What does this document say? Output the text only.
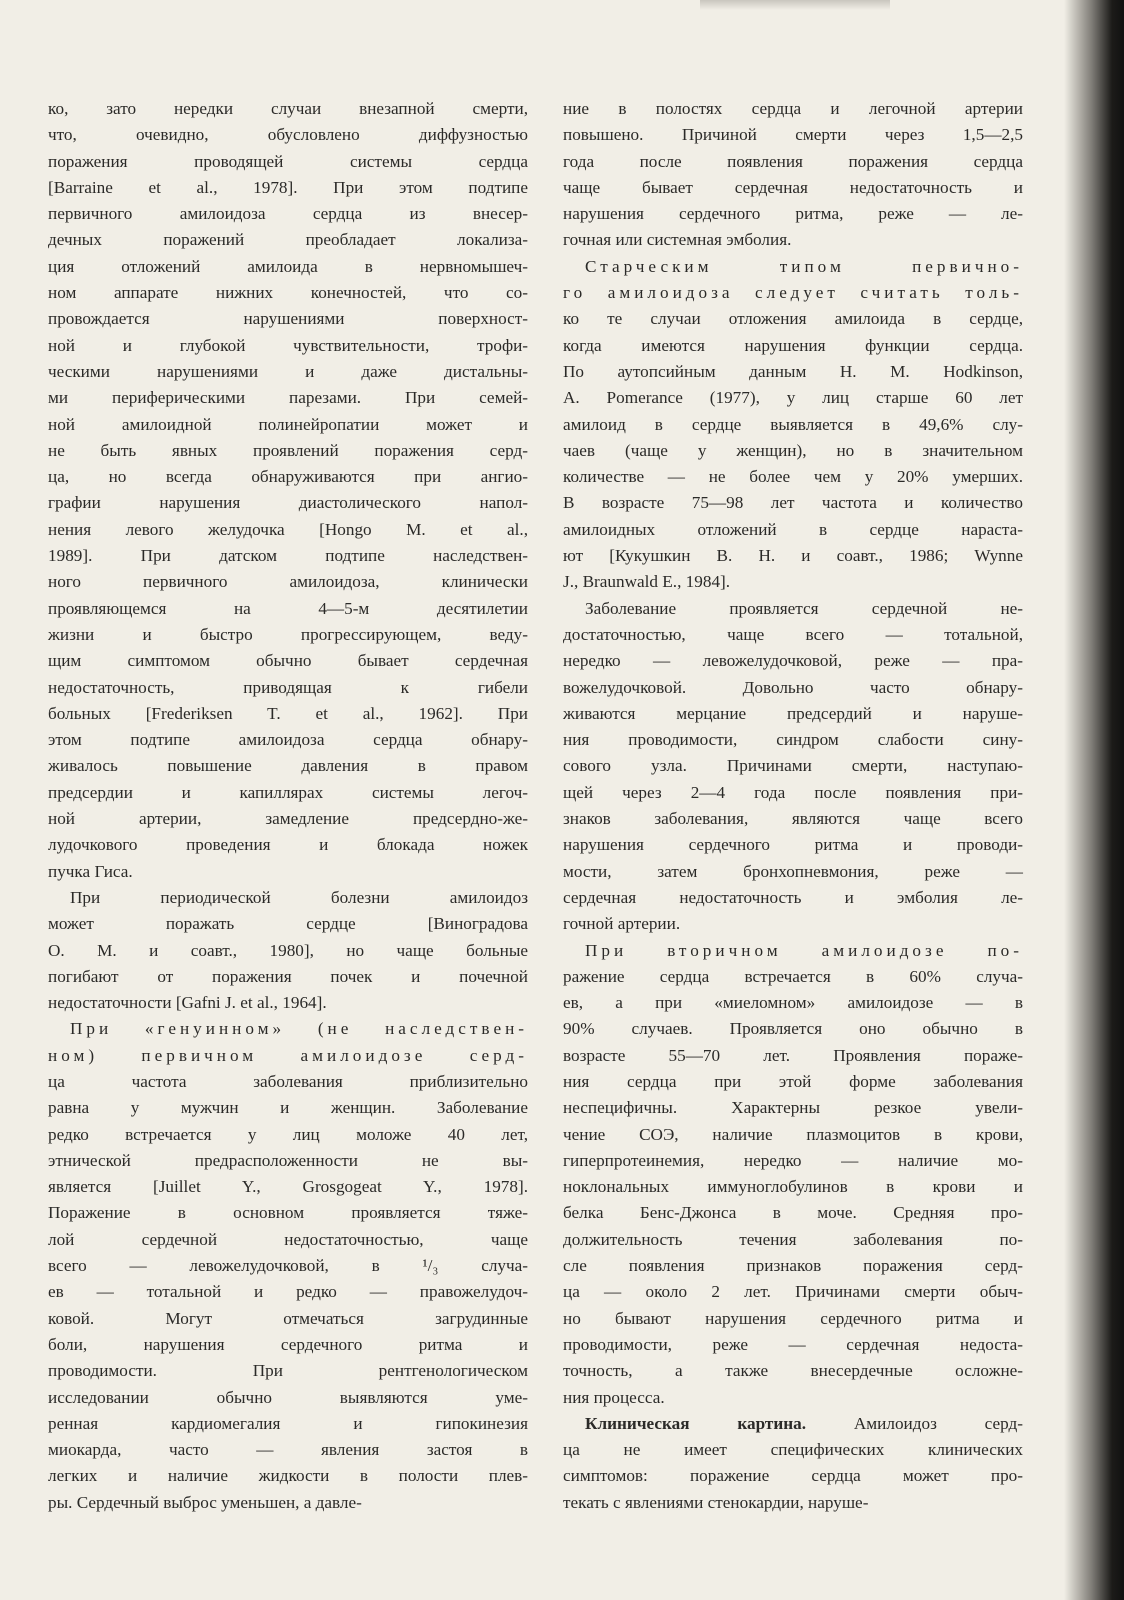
ко, зато нередки случаи внезапной смерти,
что, очевидно, обусловлено диффузностью
поражения проводящей системы сердца
[Barraine et al., 1978]. При этом подтипе
первичного амилоидоза сердца из внесер-
дечных поражений преобладает локализа-
ция отложений амилоида в нервномышеч-
ном аппарате нижних конечностей, что со-
провождается нарушениями поверхност-
ной и глубокой чувствительности, трофи-
ческими нарушениями и даже дистальны-
ми периферическими парезами. При семей-
ной амилоидной полинейропатии может и
не быть явных проявлений поражения серд-
ца, но всегда обнаруживаются при ангио-
графии нарушения диастолического напол-
нения левого желудочка [Hongo M. et al.,
1989]. При датском подтипе наследствен-
ного первичного амилоидоза, клинически
проявляющемся на 4—5-м десятилетии
жизни и быстро прогрессирующем, веду-
щим симптомом обычно бывает сердечная
недостаточность, приводящая к гибели
больных [Frederiksen T. et al., 1962]. При
этом подтипе амилоидоза сердца обнару-
живалось повышение давления в правом
предсердии и капиллярах системы легоч-
ной артерии, замедление предсердно-же-
лудочкового проведения и блокада ножек
пучка Гиса.
При периодической болезни амилоидоз
может поражать сердце [Виноградова
О. М. и соавт., 1980], но чаще больные
погибают от поражения почек и почечной
недостаточности [Gafni J. et al., 1964].
При «генуинном» (не наследствен-
ном) первичном амилоидозе серд-
ца частота заболевания приблизительно
равна у мужчин и женщин. Заболевание
редко встречается у лиц моложе 40 лет,
этнической предрасположенности не вы-
является [Juillet Y., Grosgogeat Y., 1978].
Поражение в основном проявляется тяже-
лой сердечной недостаточностью, чаще
всего — левожелудочковой, в ¹/₃ случа-
ев — тотальной и редко — правожелудоч-
ковой. Могут отмечаться загрудинные
боли, нарушения сердечного ритма и
проводимости. При рентгенологическом
исследовании обычно выявляются уме-
ренная кардиомегалия и гипокинезия
миокарда, часто — явления застоя в
легких и наличие жидкости в полости плев-
ры. Сердечный выброс уменьшен, а давле-
ние в полостях сердца и легочной артерии
повышено. Причиной смерти через 1,5—2,5
года после появления поражения сердца
чаще бывает сердечная недостаточность и
нарушения сердечного ритма, реже — ле-
гочная или системная эмболия.
Старческим типом первично-
го амилоидоза следует считать толь-
ко те случаи отложения амилоида в сердце,
когда имеются нарушения функции сердца.
По аутопсийным данным H. M. Hodkinson,
A. Pomerance (1977), у лиц старше 60 лет
амилоид в сердце выявляется в 49,6% слу-
чаев (чаще у женщин), но в значительном
количестве — не более чем у 20% умерших.
В возрасте 75—98 лет частота и количество
амилоидных отложений в сердце нараста-
ют [Кукушкин В. Н. и соавт., 1986; Wynne
J., Braunwald E., 1984].
Заболевание проявляется сердечной не-
достаточностью, чаще всего — тотальной,
нередко — левожелудочковой, реже — пра-
вожелудочковой. Довольно часто обнару-
живаются мерцание предсердий и наруше-
ния проводимости, синдром слабости сину-
сового узла. Причинами смерти, наступаю-
щей через 2—4 года после появления при-
знаков заболевания, являются чаще всего
нарушения сердечного ритма и проводи-
мости, затем бронхопневмония, реже —
сердечная недостаточность и эмболия ле-
гочной артерии.
При вторичном амилоидозе по-
ражение сердца встречается в 60% случа-
ев, а при «миеломном» амилоидозе — в
90% случаев. Проявляется оно обычно в
возрасте 55—70 лет. Проявления пораже-
ния сердца при этой форме заболевания
неспецифичны. Характерны резкое увели-
чение СОЭ, наличие плазмоцитов в крови,
гиперпротеинемия, нередко — наличие мо-
ноклональных иммуноглобулинов в крови и
белка Бенс-Джонса в моче. Средняя про-
должительность течения заболевания по-
сле появления признаков поражения серд-
ца — около 2 лет. Причинами смерти обыч-
но бывают нарушения сердечного ритма и
проводимости, реже — сердечная недоста-
точность, а также внесердечные осложне-
ния процесса.
Клиническая картина. Амилоидоз серд-
ца не имеет специфических клинических
симптомов: поражение сердца может про-
текать с явлениями стенокардии, наруше-
